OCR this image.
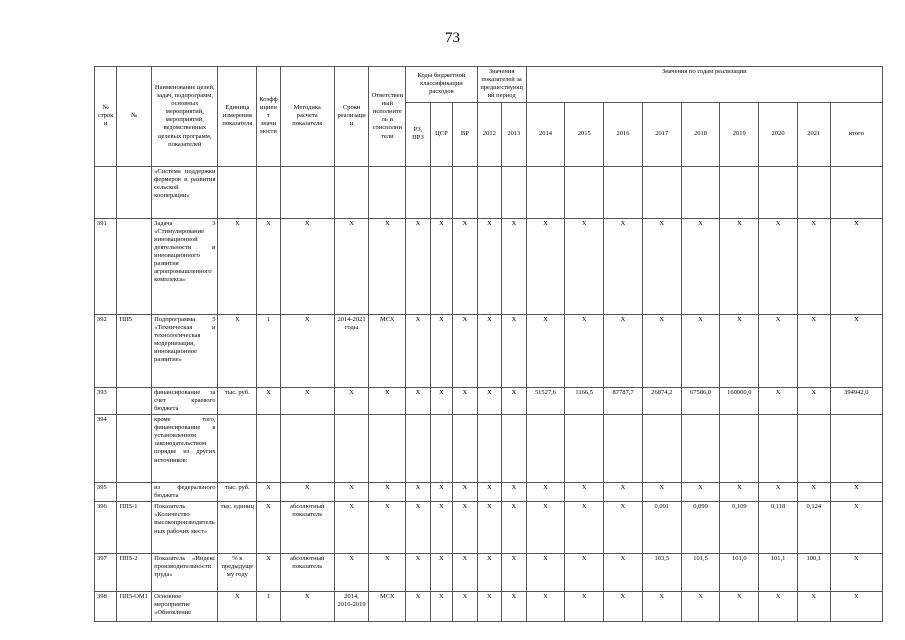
73
№ строки	№	Наименование целей, задач, подпрограмм, основных мероприятий, мероприятий, ведомственных целевых программ, показателей	Единица измерения показателя	Коэффициент значимости	Методика расчета показателя	Сроки реализации	Ответственный исполнитель и соисполнители	Коды бюджетной классификации расходов			Значения показателей за предшествующий период		Значения по годам реализации								
								РЗ, ПРЗ	ЦСР	ВР	2012	2013	2014	2015	2016	2017	2018	2019	2020	2021	итого

		«Система поддержки фермеров и развития сельской кооперации»																			
391		Задача 3 «Стимулирование инновационной деятельности и инновационного развития агропромышленного комплекса»	X	X	X	X	X	X	X	X	X	X	X	X	X	X	X	X	X	X	X
392	ПП5	Подпрограмма 5 «Техническая и технологическая модернизация, инновационное развитие»	X	1	X	2014-2021 годы	МСХ	X	X	X	X	X	X	X	X	X	X	X	X	X	X
393		финансирование за счет краевого бюджета	тыс. руб.	X	X	X	X	X	X	X	X	X	51527,6	1166,5	87787,7	26874,2	67586,0	160000,0	X	X	394942,0
394		кроме того, финансирование в установленном законодательством порядке из других источников:																			
395		из федерального бюджета	тыс. руб.	X	X	X	X	X	X	X	X	X	X	X	X	X	X	X	X	X	X
396	ПП5-1	Показатель «Количество высокопроизводительных рабочих мест»	тыс. единиц	X	абсолютный показатель	X	X	X	X	X	X	X	X	X	X	0,091	0,099	0,109	0,118	0,124	X
397	ПП5-2	Показатель «Индекс производительности труда»	% к предыдущему году	X	абсолютный показатель	X	X	X	X	X	X	X	X	X	X	103,5	101,5	101,0	101,1	100,1	X
398	ПП5-ОМ1	Основное мероприятие «Обновление	X	1	X	2014, 2016-2019	МСХ	X	X	X	X	X	X	X	X	X	X	X	X	X	X
